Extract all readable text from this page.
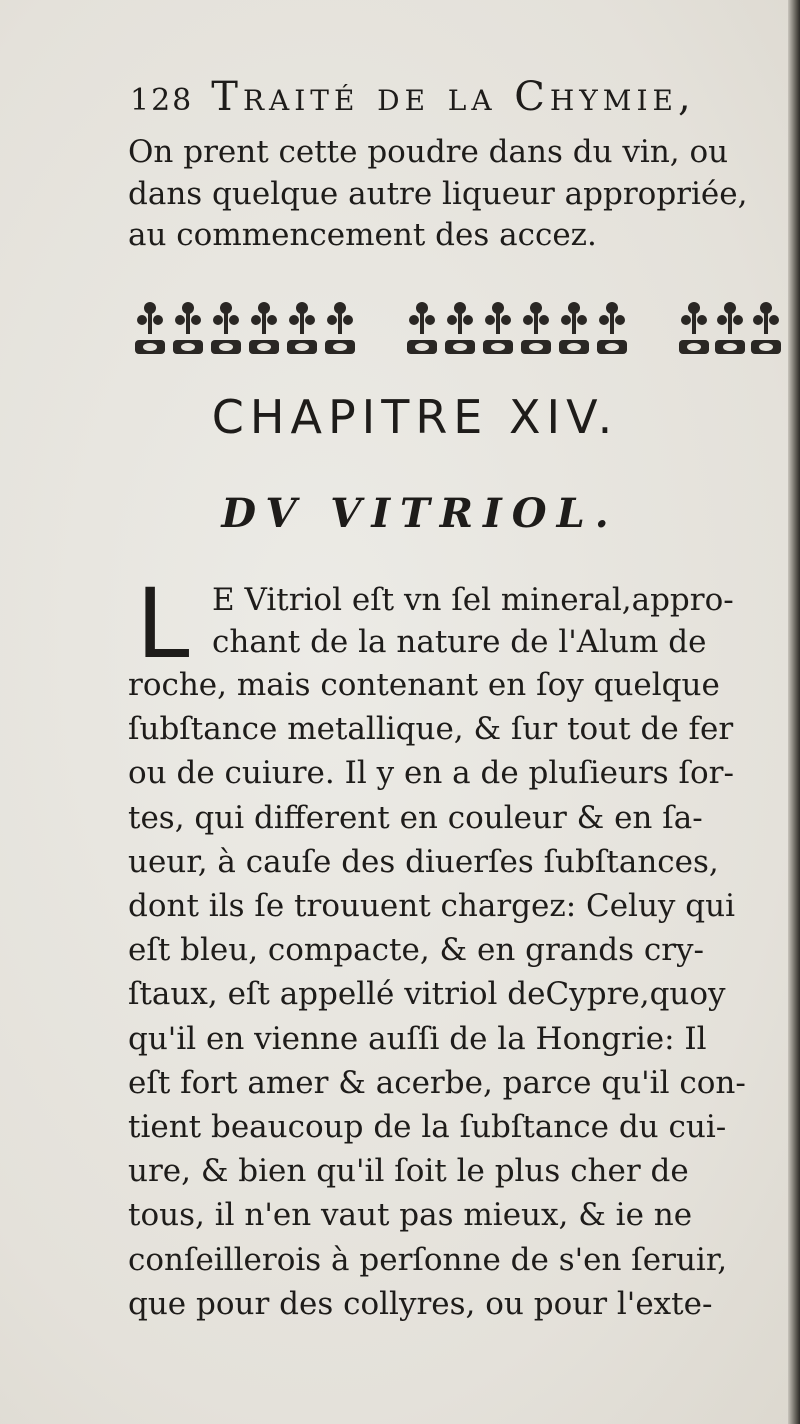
128 Traité de la Chymie,
On prent cette poudre dans du vin, ou
dans quelque autre liqueur appropriée,
au commencement des accez.
CHAPITRE XIV.
DV VITRIOL.
L E Vitriol eſt vn ſel mineral,appro-
chant de la nature de l'Alum de
roche, mais contenant en ſoy quelque
ſubſtance metallique, & ſur tout de fer
ou de cuiure. Il y en a de pluſieurs ſor-
tes, qui different en couleur & en ſa-
ueur, à cauſe des diuerſes ſubſtances,
dont ils ſe trouuent chargez: Celuy qui
eſt bleu, compacte, & en grands cry-
ſtaux, eſt appellé vitriol deCypre,quoy
qu'il en vienne auſſi de la Hongrie: Il
eſt fort amer & acerbe, parce qu'il con-
tient beaucoup de la ſubſtance du cui-
ure, & bien qu'il ſoit le plus cher de
tous, il n'en vaut pas mieux, & ie ne
conſeillerois à perſonne de s'en ſeruir,
que pour des collyres, ou pour l'exte-
